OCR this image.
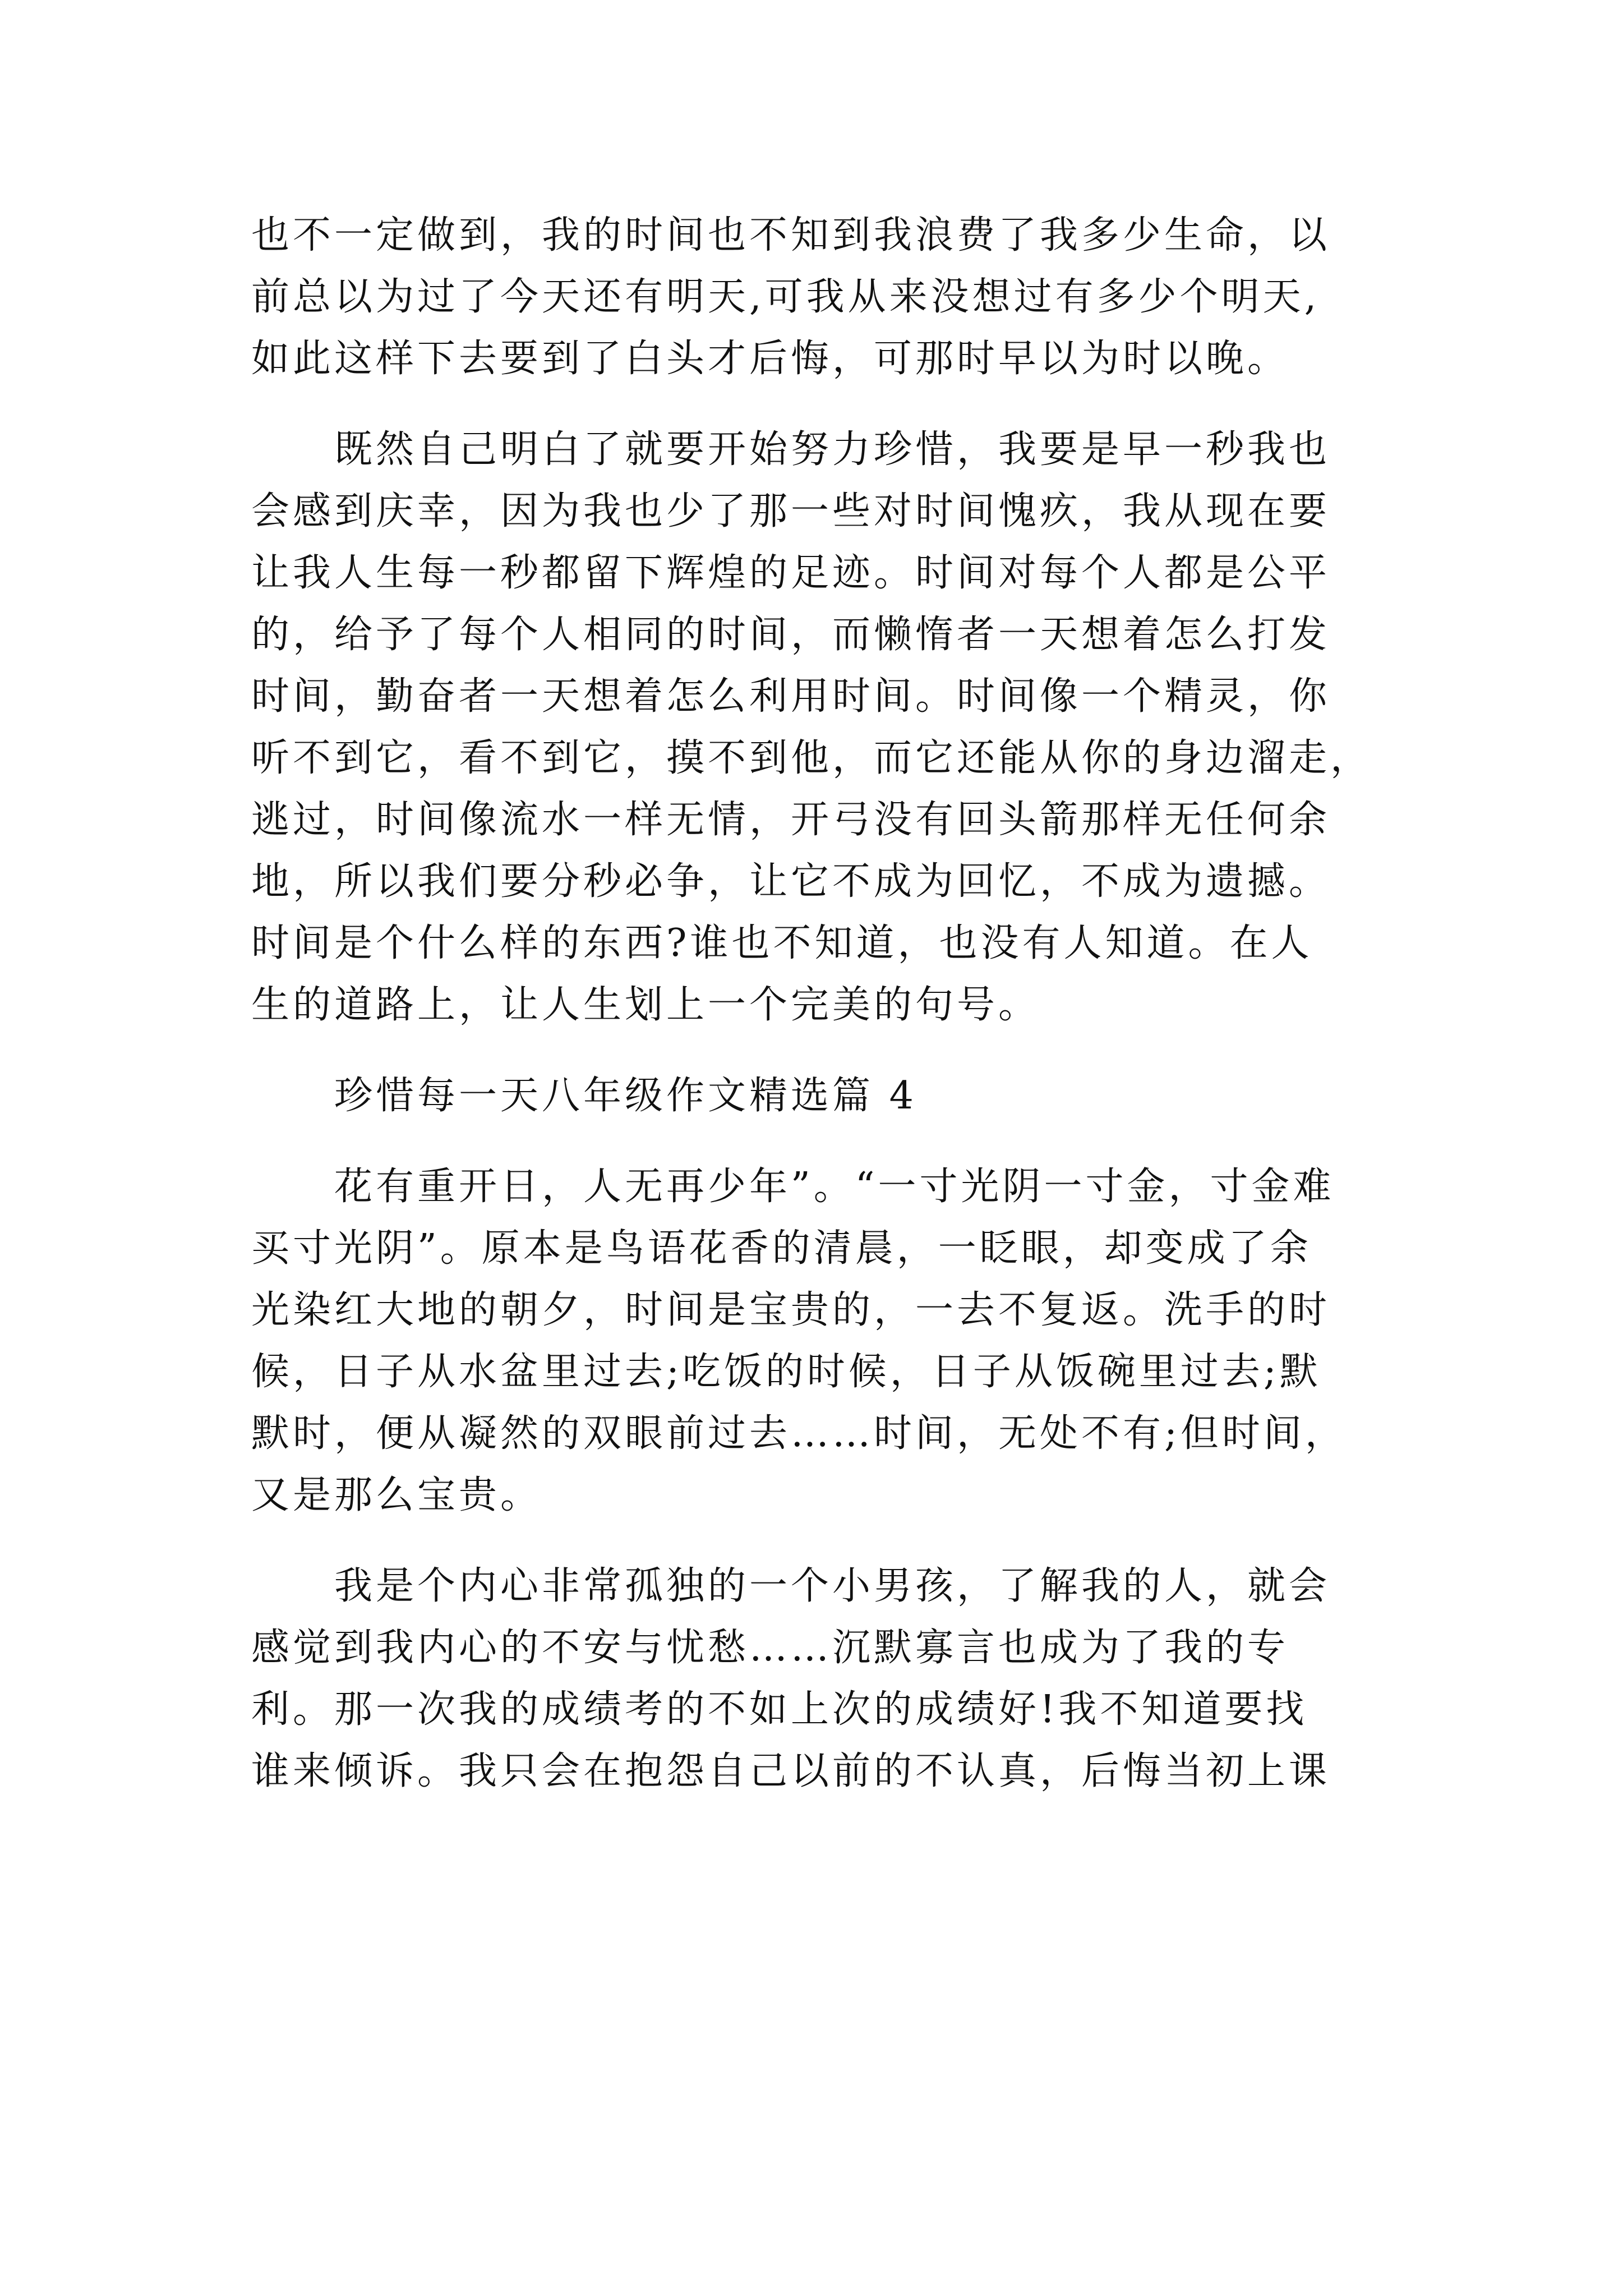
也不一定做到，我的时间也不知到我浪费了我多少生命，以
前总以为过了今天还有明天,可我从来没想过有多少个明天,
如此这样下去要到了白头才后悔，可那时早以为时以晚。
既然自己明白了就要开始努力珍惜，我要是早一秒我也
会感到庆幸，因为我也少了那一些对时间愧疚，我从现在要
让我人生每一秒都留下辉煌的足迹。时间对每个人都是公平
的，给予了每个人相同的时间，而懒惰者一天想着怎么打发
时间，勤奋者一天想着怎么利用时间。时间像一个精灵，你
听不到它，看不到它，摸不到他，而它还能从你的身边溜走，
逃过，时间像流水一样无情，开弓没有回头箭那样无任何余
地，所以我们要分秒必争，让它不成为回忆，不成为遗撼。
时间是个什么样的东西?谁也不知道，也没有人知道。在人
生的道路上，让人生划上一个完美的句号。
珍惜每一天八年级作文精选篇 4
花有重开日，人无再少年”。“一寸光阴一寸金，寸金难
买寸光阴”。原本是鸟语花香的清晨，一眨眼，却变成了余
光染红大地的朝夕，时间是宝贵的，一去不复返。洗手的时
候，日子从水盆里过去;吃饭的时候，日子从饭碗里过去;默
默时，便从凝然的双眼前过去……时间，无处不有;但时间，
又是那么宝贵。
我是个内心非常孤独的一个小男孩，了解我的人，就会
感觉到我内心的不安与忧愁……沉默寡言也成为了我的专
利。那一次我的成绩考的不如上次的成绩好!我不知道要找
谁来倾诉。我只会在抱怨自己以前的不认真，后悔当初上课
